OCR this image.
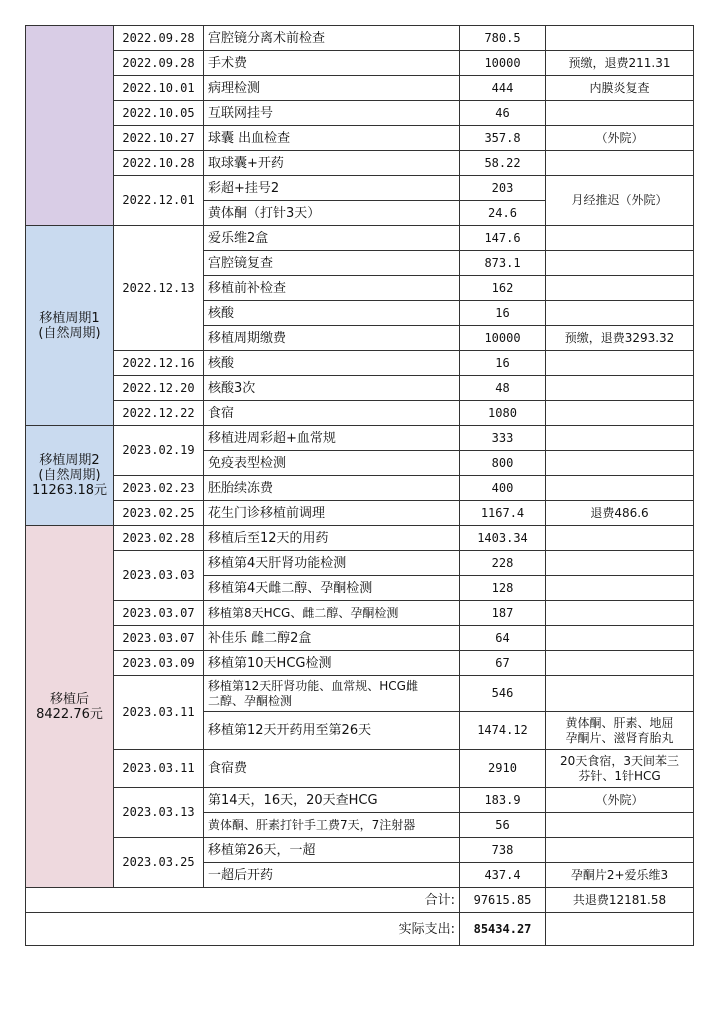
	2022.09.28	宫腔镜分离术前检查	780.5	
	2022.09.28	手术费	10000	预缴，退费211.31
	2022.10.01	病理检测	444	内膜炎复查
	2022.10.05	互联网挂号	46	
	2022.10.27	球囊 出血检查	357.8	（外院）
	2022.10.28	取球囊+开药	58.22	
	2022.12.01	彩超+挂号2	203	月经推迟（外院）
		黄体酮（打针3天）	24.6	

移植周期1
(自然周期)	2022.12.13	爱乐维2盒	147.6	
		宫腔镜复查	873.1	
		移植前补检查	162	
		核酸	16	
		移植周期缴费	10000	预缴，退费3293.32
	2022.12.16	核酸	16	
	2022.12.20	核酸3次	48	
	2022.12.22	食宿	1080	

移植周期2
(自然周期)
11263.18元	2023.02.19	移植进周彩超+血常规	333	
		免疫表型检测	800	
	2023.02.23	胚胎续冻费	400	
	2023.02.25	花生门诊移植前调理	1167.4	退费486.6

移植后
8422.76元	2023.02.28	移植后至12天的用药	1403.34	
	2023.03.03	移植第4天肝肾功能检测	228	
		移植第4天雌二醇、孕酮检测	128	
	2023.03.07	移植第8天HCG、雌二醇、孕酮检测	187	
	2023.03.07	补佳乐 雌二醇2盒	64	
	2023.03.09	移植第10天HCG检测	67	
	2023.03.11	移植第12天肝肾功能、血常规、HCG雌
二醇、孕酮检测	546	
		移植第12天开药用至第26天	1474.12	黄体酮、肝素、地屈
孕酮片、滋肾育胎丸

	2023.03.11	食宿费	2910	20天食宿，3天间苯三
芬针、1针HCG

	2023.03.13	第14天，16天，20天查HCG	183.9	（外院）
		黄体酮、肝素打针手工费7天，7注射器	56	
	2023.03.25	移植第26天，一超	738	
		一超后开药	437.4	孕酮片2+爱乐维3
合计:			97615.85	共退费12181.58
实际支出:			85434.27	
